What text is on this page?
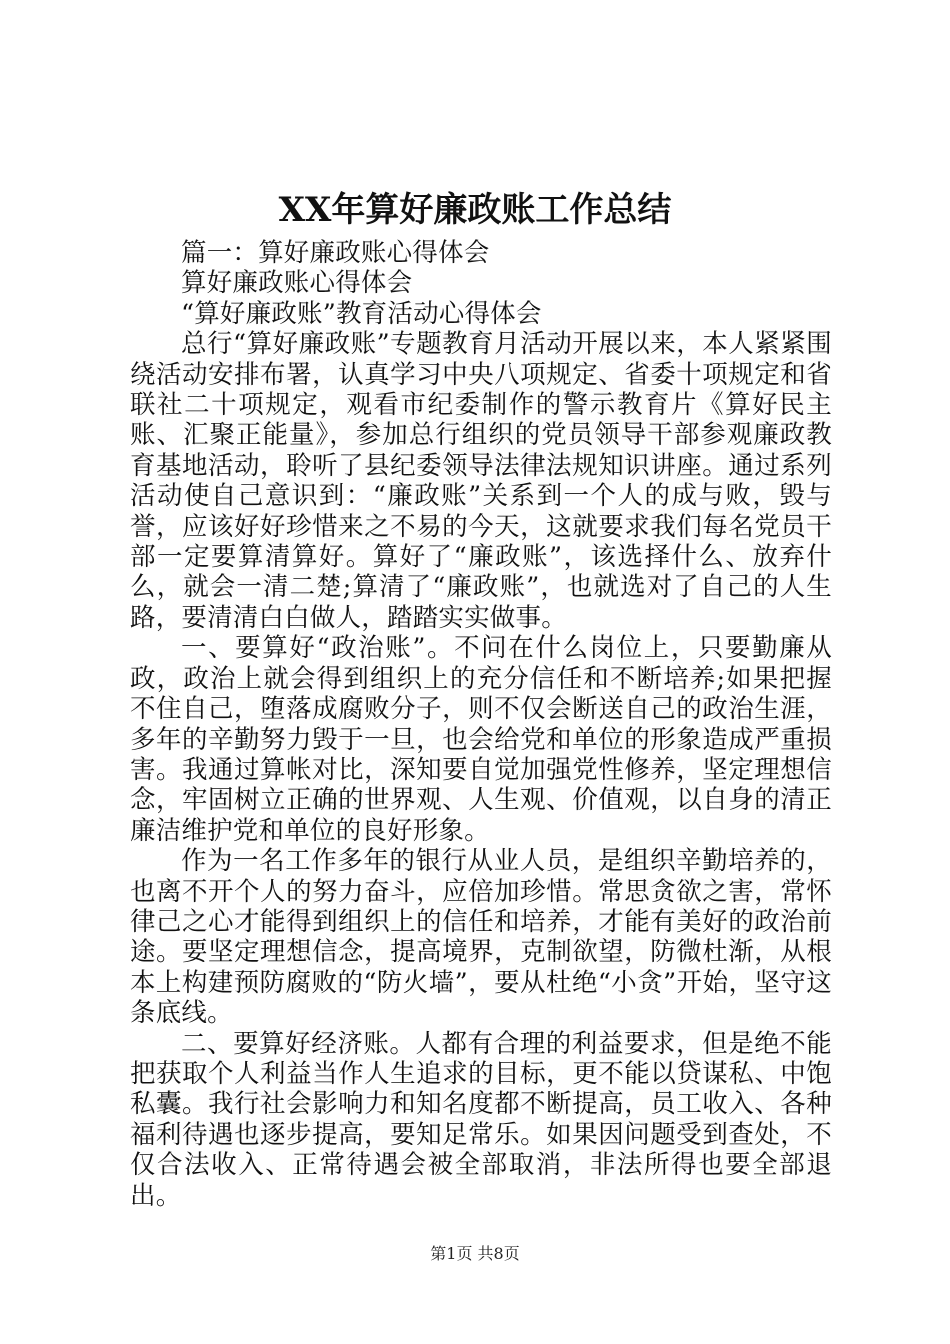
XX年算好廉政账工作总结

篇一：算好廉政账心得体会

算好廉政账心得体会

“算好廉政账”教育活动心得体会

总行“算好廉政账”专题教育月活动开展以来，本人紧紧围绕活动安排布署，认真学习中央八项规定、省委十项规定和省联社二十项规定，观看市纪委制作的警示教育片《算好民主账、汇聚正能量》，参加总行组织的党员领导干部参观廉政教育基地活动，聆听了县纪委领导法律法规知识讲座。通过系列活动使自己意识到：“廉政账”关系到一个人的成与败，毁与誉，应该好好珍惜来之不易的今天，这就要求我们每名党员干部一定要算清算好。算好了“廉政账”，该选择什么、放弃什么，就会一清二楚;算清了“廉政账”，也就选对了自己的人生路，要清清白白做人，踏踏实实做事。

一、要算好“政治账”。不问在什么岗位上，只要勤廉从政，政治上就会得到组织上的充分信任和不断培养;如果把握不住自己，堕落成腐败分子，则不仅会断送自己的政治生涯，多年的辛勤努力毁于一旦，也会给党和单位的形象造成严重损害。我通过算帐对比，深知要自觉加强党性修养，坚定理想信念，牢固树立正确的世界观、人生观、价值观，以自身的清正廉洁维护党和单位的良好形象。

作为一名工作多年的银行从业人员，是组织辛勤培养的，也离不开个人的努力奋斗，应倍加珍惜。常思贪欲之害，常怀律己之心才能得到组织上的信任和培养，才能有美好的政治前途。要坚定理想信念，提高境界，克制欲望，防微杜渐，从根本上构建预防腐败的“防火墙”，要从杜绝“小贪”开始，坚守这条底线。

二、要算好经济账。人都有合理的利益要求，但是绝不能把获取个人利益当作人生追求的目标，更不能以贷谋私、中饱私囊。我行社会影响力和知名度都不断提高，员工收入、各种福利待遇也逐步提高，要知足常乐。如果因问题受到查处，不仅合法收入、正常待遇会被全部取消，非法所得也要全部退出。

第1页 共8页
